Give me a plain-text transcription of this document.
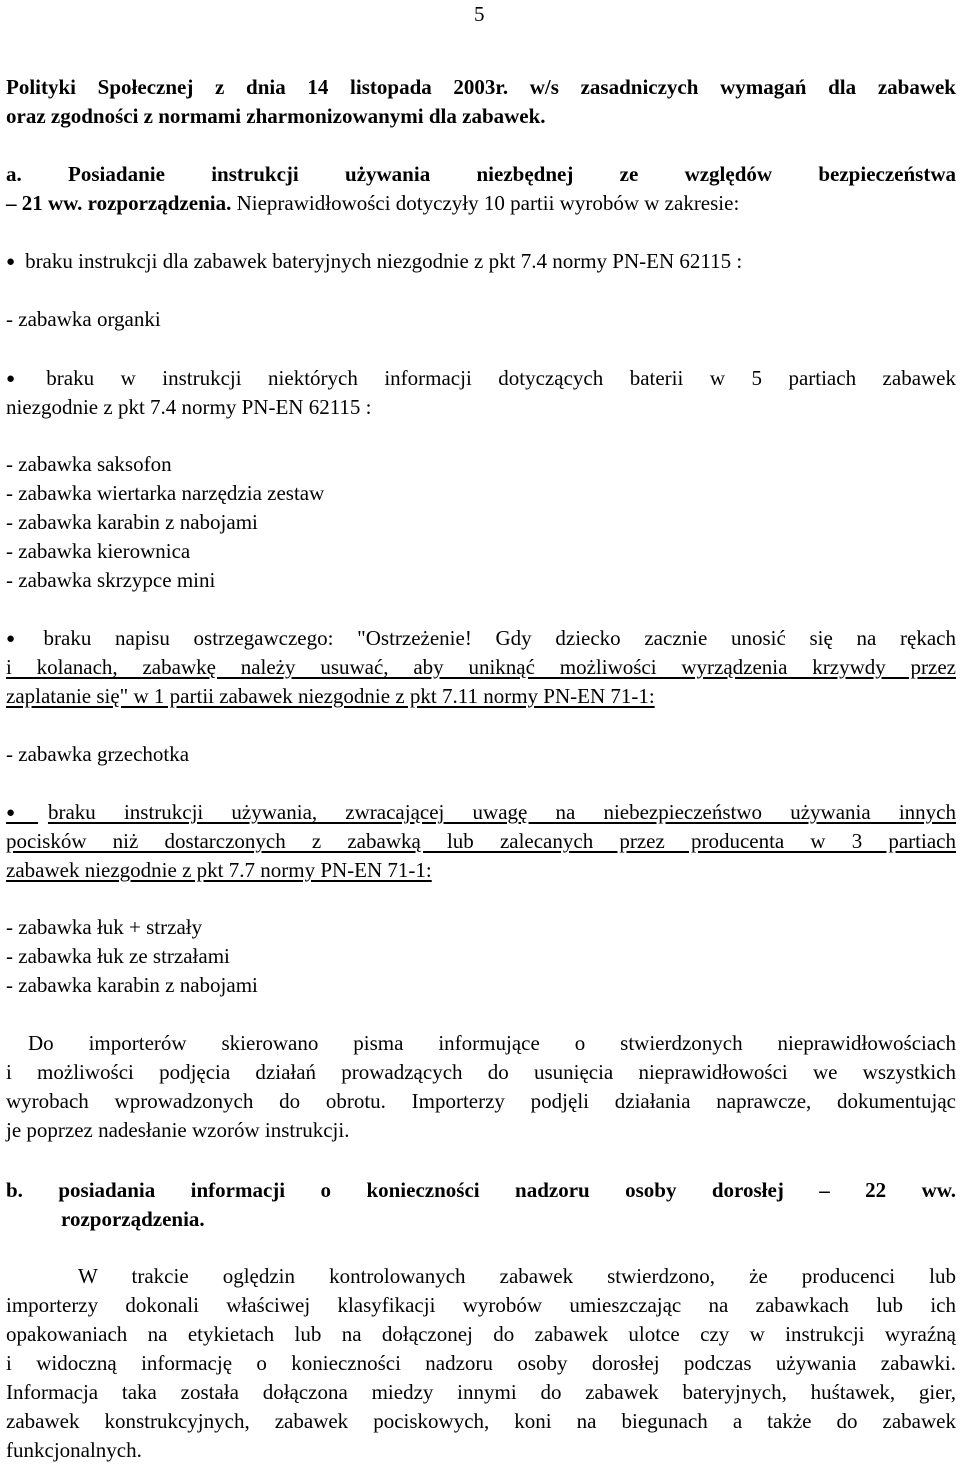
5
Polityki Społecznej z dnia 14 listopada 2003r. w/s zasadniczych wymagań dla zabawek
oraz zgodności z normami zharmonizowanymi dla zabawek.
a. Posiadanie instrukcji używania niezbędnej ze względów bezpieczeństwa
– 21 ww. rozporządzenia. Nieprawidłowości dotyczyły 10 partii wyrobów w zakresie:
● braku instrukcji dla zabawek bateryjnych niezgodnie z pkt 7.4 normy PN-EN 62115 :
- zabawka organki
● braku w instrukcji niektórych informacji dotyczących baterii w 5 partiach zabawek
niezgodnie z pkt 7.4 normy PN-EN 62115 :
- zabawka saksofon
- zabawka wiertarka narzędzia zestaw
- zabawka karabin z nabojami
- zabawka kierownica
- zabawka skrzypce mini
● braku napisu ostrzegawczego: "Ostrzeżenie! Gdy dziecko zacznie unosić się na rękach
i kolanach, zabawkę należy usuwać, aby uniknąć możliwości wyrządzenia krzywdy przez
zaplatanie się" w 1 partii zabawek niezgodnie z pkt 7.11 normy PN-EN 71-1:
- zabawka grzechotka
● braku instrukcji używania, zwracającej uwagę na niebezpieczeństwo używania innych
pocisków niż dostarczonych z zabawką lub zalecanych przez producenta w 3 partiach
zabawek niezgodnie z pkt 7.7 normy PN-EN 71-1:
- zabawka łuk + strzały
- zabawka łuk ze strzałami
- zabawka karabin z nabojami
Do importerów skierowano pisma informujące o stwierdzonych nieprawidłowościach
i możliwości podjęcia działań prowadzących do usunięcia nieprawidłowości we wszystkich
wyrobach wprowadzonych do obrotu. Importerzy podjęli działania naprawcze, dokumentując
je poprzez nadesłanie wzorów instrukcji.
b. posiadania informacji o konieczności nadzoru osoby dorosłej – 22 ww.
rozporządzenia.
W trakcie oględzin kontrolowanych zabawek stwierdzono, że producenci lub
importerzy dokonali właściwej klasyfikacji wyrobów umieszczając na zabawkach lub ich
opakowaniach na etykietach lub na dołączonej do zabawek ulotce czy w instrukcji wyraźną
i widoczną informację o konieczności nadzoru osoby dorosłej podczas używania zabawki.
Informacja taka została dołączona miedzy innymi do zabawek bateryjnych, huśtawek, gier,
zabawek konstrukcyjnych, zabawek pociskowych, koni na biegunach a także do zabawek
funkcjonalnych.
